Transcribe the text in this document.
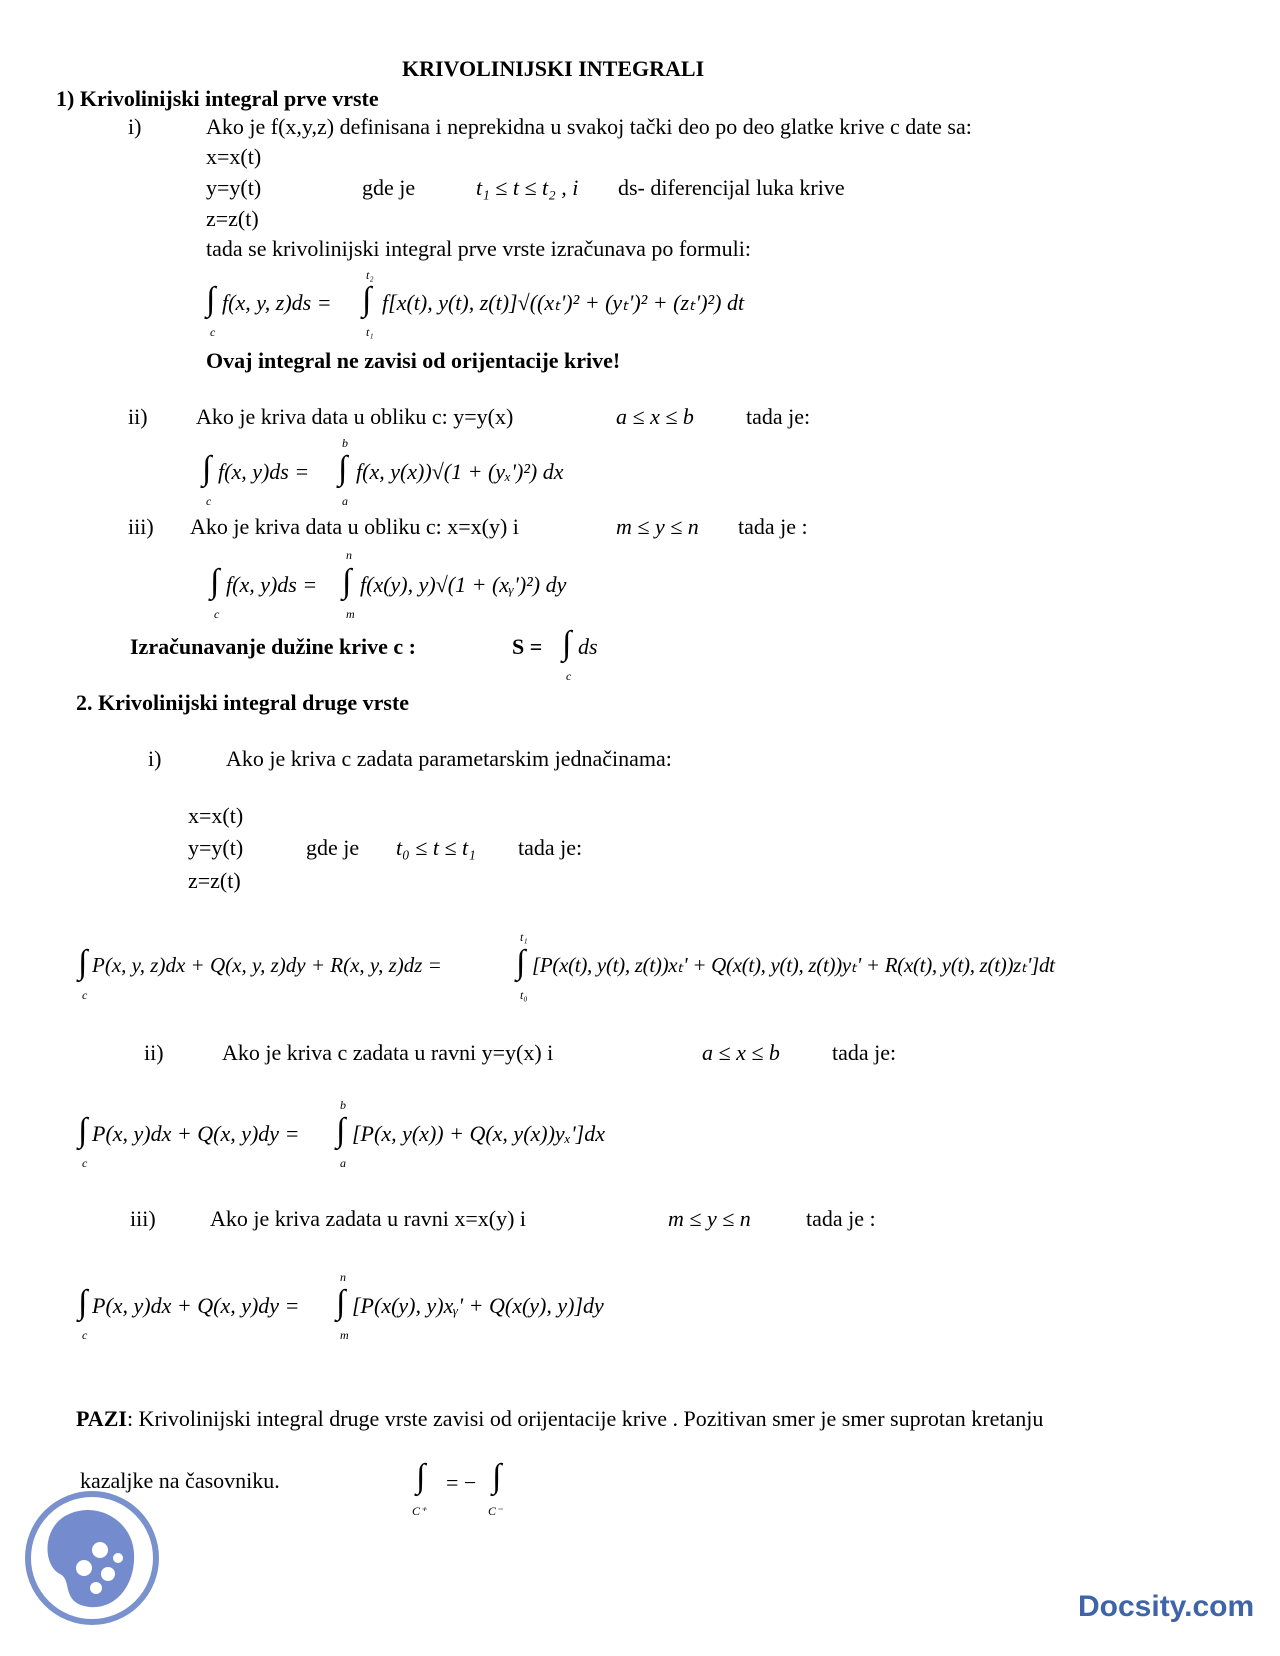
KRIVOLINIJSKI INTEGRALI
1) Krivolinijski integral prve vrste
i)	Ako je f(x,y,z) definisana i neprekidna u svakoj tački deo po deo glatke krive c date sa:
x=x(t)
y=y(t)	gde je	t₁ ≤ t ≤ t₂ , i ds- diferencijal luka krive
z=z(t)
tada se krivolinijski integral prve vrste izračunava po formuli:
∫
c
f(x, y, z)ds =
t₂
∫
t₁
f[x(t), y(t), z(t)]√((xₜ')² + (yₜ')² + (zₜ')²) dt
Ovaj integral ne zavisi od orijentacije krive!
ii) Ako je kriva data u obliku c: y=y(x)	a ≤ x ≤ b tada je:
b
∫
c
f(x, y)ds = ∫
a
f(x, y(x))√(1 + (yₓ')²) dx
iii) Ako je kriva data u obliku c: x=x(y) i	m ≤ y ≤ n tada je :
n
∫
c
f(x, y)ds = ∫
m
f(x(y), y)√(1 + (xᵧ')²) dy
Izračunavanje dužine krive c :	S = ∫
c
ds
2. Krivolinijski integral druge vrste
i)	Ako je kriva c zadata parametarskim jednačinama:
x=x(t)
y=y(t)	gde je t₀ ≤ t ≤ t₁ tada je:
z=z(t)
t₁
∫
c
P(x, y, z)dx + Q(x, y, z)dy + R(x, y, z)dz = ∫
t₀
[P(x(t), y(t), z(t))xₜ' + Q(x(t), y(t), z(t))yₜ' + R(x(t), y(t), z(t))zₜ']dt
ii)	Ako je kriva c zadata u ravni y=y(x) i	a ≤ x ≤ b tada je:
b
∫
c
P(x, y)dx + Q(x, y)dy = ∫
a
[P(x, y(x)) + Q(x, y(x))yₓ']dx
iii) Ako je kriva zadata u ravni x=x(y) i	m ≤ y ≤ n	tada je :
n
∫
c
P(x, y)dx + Q(x, y)dy = ∫
m
[P(x(y), y)xᵧ' + Q(x(y), y)]dy
PAZI: Krivolinijski integral druge vrste zavisi od orijentacije krive . Pozitivan smer je smer suprotan kretanju
kazaljke na časovniku.	∫
C⁺
= − ∫
C⁻
Docsity.com
